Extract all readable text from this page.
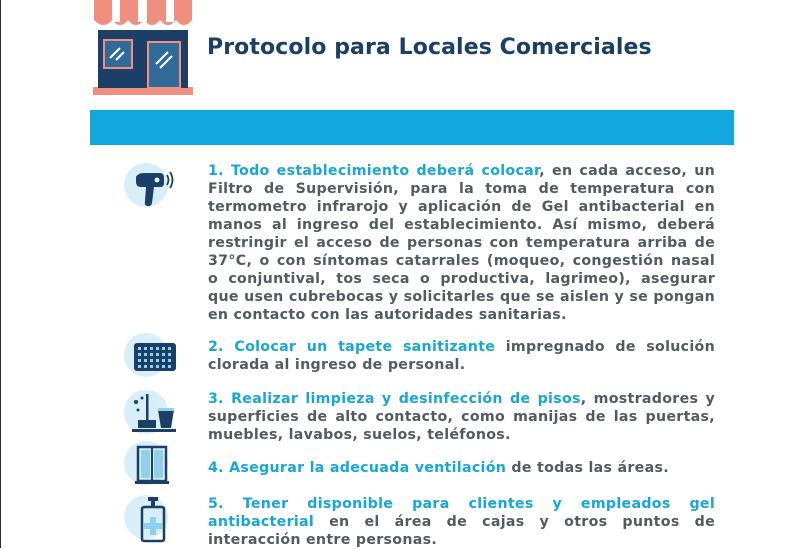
Protocolo para Locales Comerciales

1. Todo establecimiento deberá colocar, en cada acceso, un Filtro de Supervisión, para la toma de temperatura con termometro infrarojo y aplicación de Gel antibacterial en manos al ingreso del establecimiento. Así mismo, deberá restringir el acceso de personas con temperatura arriba de 37°C, o con síntomas catarrales (moqueo, congestión nasal o conjuntival, tos seca o productiva, lagrimeo), asegurar que usen cubrebocas y solicitarles que se aislen y se pongan en contacto con las autoridades sanitarias.

2. Colocar un tapete sanitizante impregnado de solución clorada al ingreso de personal.

3. Realizar limpieza y desinfección de pisos, mostradores y superficies de alto contacto, como manijas de las puertas, muebles, lavabos, suelos, teléfonos.

4. Asegurar la adecuada ventilación de todas las áreas.

5. Tener disponible para clientes y empleados gel antibacterial en el área de cajas y otros puntos de interacción entre personas.
